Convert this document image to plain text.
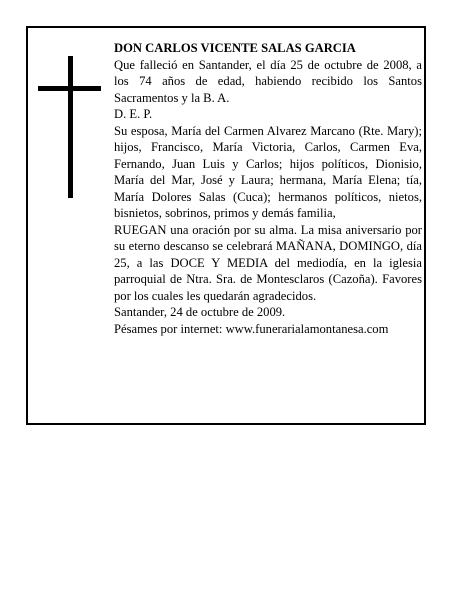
DON CARLOS VICENTE SALAS GARCIA

Que falleció en Santander, el día 25 de octubre de 2008, a los 74 años de edad, habiendo recibido los Santos Sacramentos y la B. A.

D. E. P.

Su esposa, María del Carmen Alvarez Marcano (Rte. Mary); hijos, Francisco, María Victoria, Carlos, Carmen Eva, Fernando, Juan Luis y Carlos; hijos políticos, Dionisio, María del Mar, José y Laura; hermana, María Elena; tía, María Dolores Salas (Cuca); hermanos políticos, nietos, bisnietos, sobrinos, primos y demás familia,

RUEGAN una oración por su alma. La misa aniversario por su eterno descanso se celebrará MAÑANA, DOMINGO, día 25, a las DOCE Y MEDIA del mediodía, en la iglesia parroquial de Ntra. Sra. de Montesclaros (Cazoña). Favores por los cuales les quedarán agradecidos.

Santander, 24 de octubre de 2009.

Pésames por internet: www.funerarialamontanesa.com
